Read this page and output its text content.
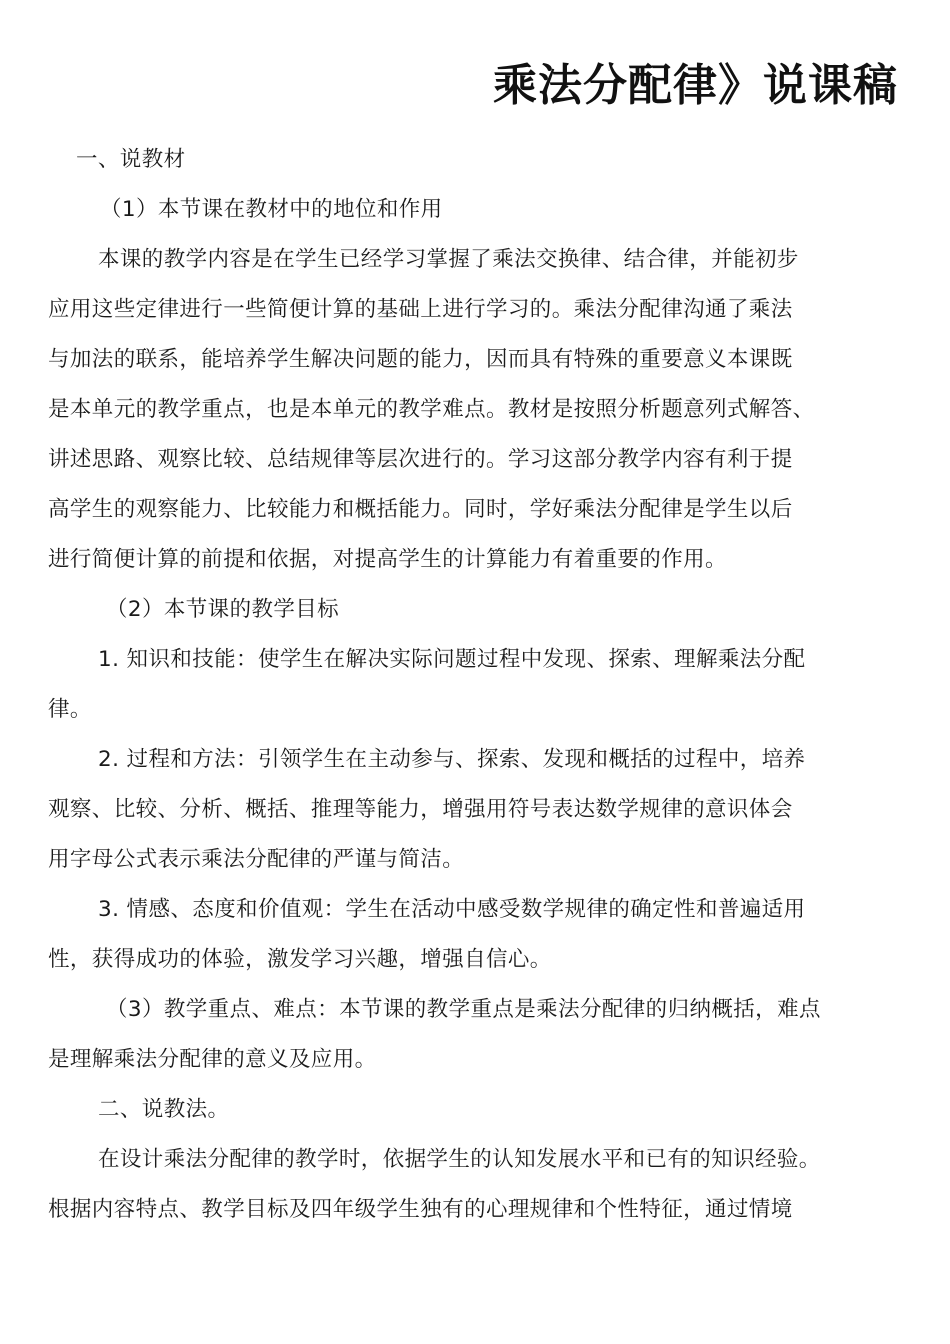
乘法分配律》说课稿

一、说教材

（1）本节课在教材中的地位和作用

本课的教学内容是在学生已经学习掌握了乘法交换律、结合律，并能初步

应用这些定律进行一些简便计算的基础上进行学习的。乘法分配律沟通了乘法

与加法的联系，能培养学生解决问题的能力，因而具有特殊的重要意义本课既

是本单元的教学重点，也是本单元的教学难点。教材是按照分析题意列式解答、

讲述思路、观察比较、总结规律等层次进行的。学习这部分教学内容有利于提

高学生的观察能力、比较能力和概括能力。同时，学好乘法分配律是学生以后

进行简便计算的前提和依据，对提高学生的计算能力有着重要的作用。

（2）本节课的教学目标

1. 知识和技能：使学生在解决实际问题过程中发现、探索、理解乘法分配

律。

2. 过程和方法：引领学生在主动参与、探索、发现和概括的过程中，培养

观察、比较、分析、概括、推理等能力，增强用符号表达数学规律的意识体会

用字母公式表示乘法分配律的严谨与简洁。

3. 情感、态度和价值观：学生在活动中感受数学规律的确定性和普遍适用

性，获得成功的体验，激发学习兴趣，增强自信心。

（3）教学重点、难点：本节课的教学重点是乘法分配律的归纳概括，难点

是理解乘法分配律的意义及应用。

二、说教法。

在设计乘法分配律的教学时，依据学生的认知发展水平和已有的知识经验。

根据内容特点、教学目标及四年级学生独有的心理规律和个性特征，通过情境
